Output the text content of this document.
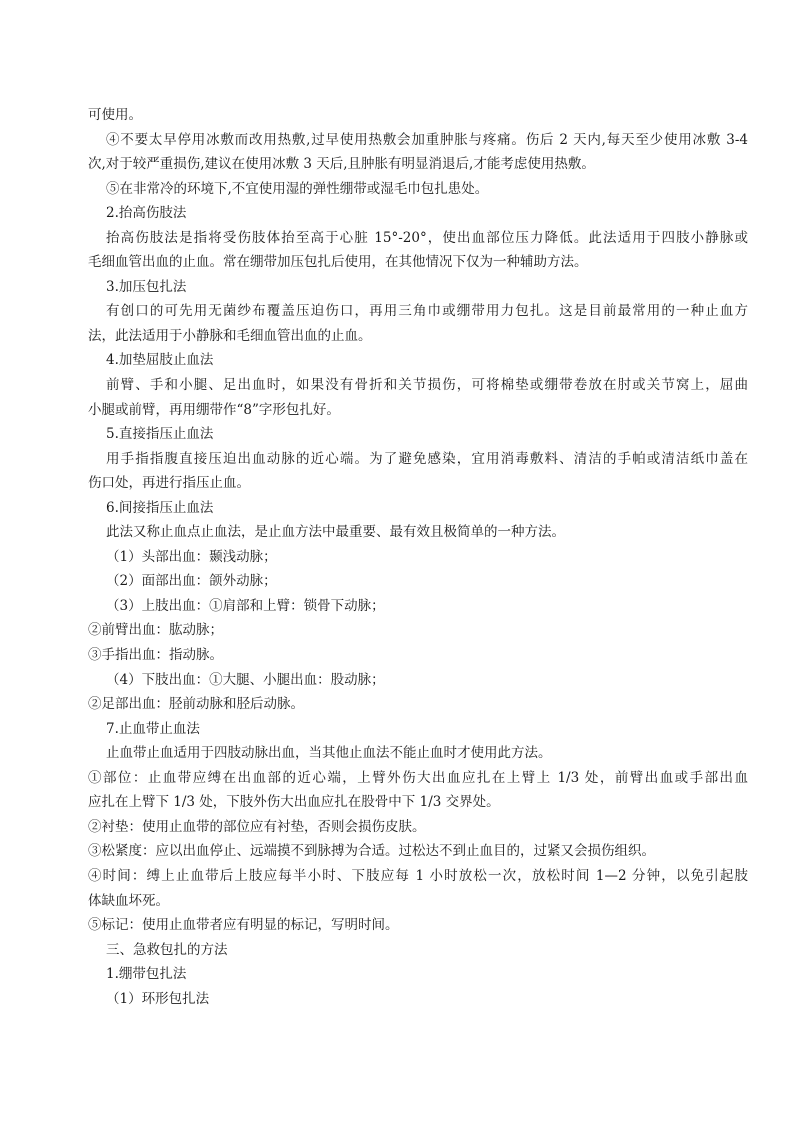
可使用。
④不要太早停用冰敷而改用热敷,过早使用热敷会加重肿胀与疼痛。伤后 2 天内,每天至少使用冰敷 3-4
次,对于较严重损伤,建议在使用冰敷 3 天后,且肿胀有明显消退后,才能考虑使用热敷。
⑤在非常冷的环境下,不宜使用湿的弹性绷带或湿毛巾包扎患处。
2.抬高伤肢法
抬高伤肢法是指将受伤肢体抬至高于心脏 15°-20°，使出血部位压力降低。此法适用于四肢小静脉或
毛细血管出血的止血。常在绷带加压包扎后使用，在其他情况下仅为一种辅助方法。
3.加压包扎法
有创口的可先用无菌纱布覆盖压迫伤口，再用三角巾或绷带用力包扎。这是目前最常用的一种止血方
法，此法适用于小静脉和毛细血管出血的止血。
4.加垫屈肢止血法
前臂、手和小腿、足出血时，如果没有骨折和关节损伤，可将棉垫或绷带卷放在肘或关节窝上，屈曲
小腿或前臂，再用绷带作“8”字形包扎好。
5.直接指压止血法
用手指指腹直接压迫出血动脉的近心端。为了避免感染，宜用消毒敷料、清洁的手帕或清洁纸巾盖在
伤口处，再进行指压止血。
6.间接指压止血法
此法又称止血点止血法，是止血方法中最重要、最有效且极简单的一种方法。
（1）头部出血：颞浅动脉；
（2）面部出血：颌外动脉；
（3）上肢出血：①肩部和上臂：锁骨下动脉；
②前臂出血：肱动脉；
③手指出血：指动脉。
（4）下肢出血：①大腿、小腿出血：股动脉；
②足部出血：胫前动脉和胫后动脉。
7.止血带止血法
止血带止血适用于四肢动脉出血，当其他止血法不能止血时才使用此方法。
①部位：止血带应缚在出血部的近心端，上臂外伤大出血应扎在上臂上 1/3 处，前臂出血或手部出血
应扎在上臂下 1/3 处，下肢外伤大出血应扎在股骨中下 1/3 交界处。
②衬垫：使用止血带的部位应有衬垫，否则会损伤皮肤。
③松紧度：应以出血停止、远端摸不到脉搏为合适。过松达不到止血目的，过紧又会损伤组织。
④时间：缚上止血带后上肢应每半小时、下肢应每 1 小时放松一次，放松时间 1—2 分钟，以免引起肢
体缺血坏死。
⑤标记：使用止血带者应有明显的标记，写明时间。
三、急救包扎的方法
1.绷带包扎法
（1）环形包扎法
